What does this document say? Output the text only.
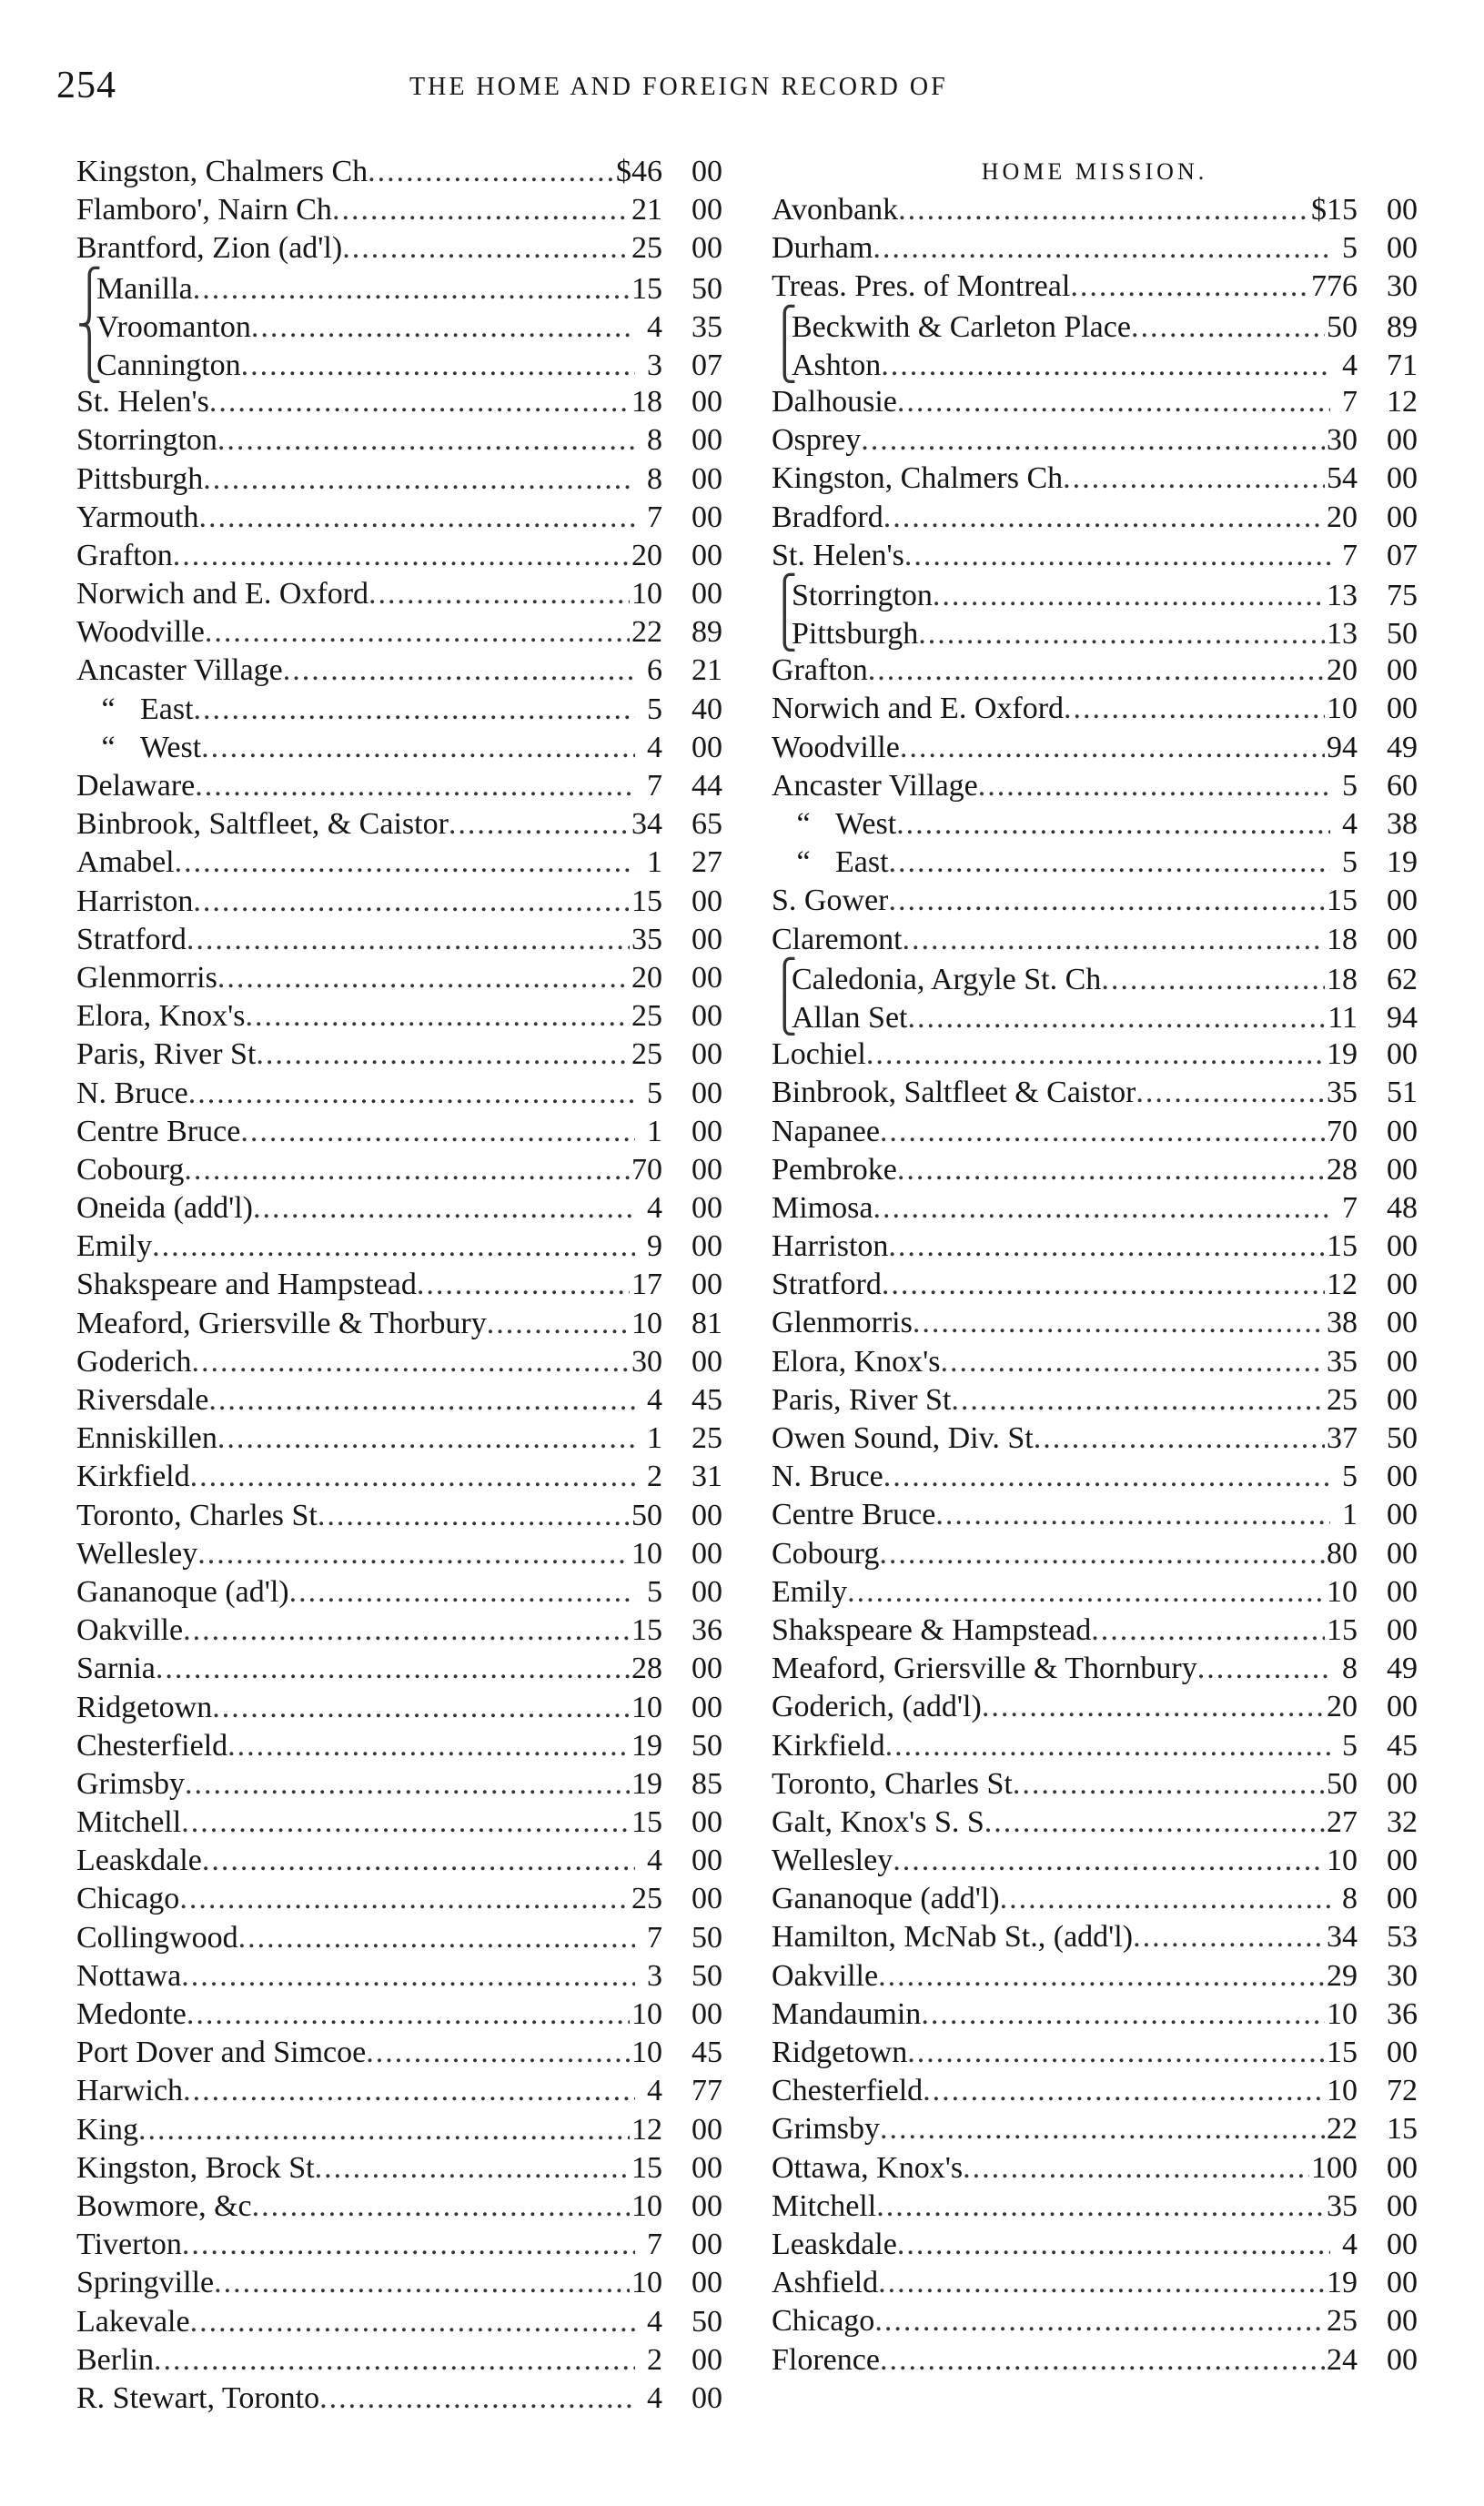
254	THE HOME AND FOREIGN RECORD OF
Kingston, Chalmers Ch .....	$46 00
Flamboro', Nairn Ch .....	21 00
Brantford, Zion (ad'l) .....	25 00
⎧
Manilla .....	15 50
⎨
Vroomanton .....	4 35
⎩
Cannington .....	3 07
St. Helen's .....	18 00
Storrington .....	8 00
Pittsburgh .....	8 00
Yarmouth .....	7 00
Grafton .....	20 00
Norwich and E. Oxford .....	10 00
Woodville .....	22 89
Ancaster Village .....	6 21
“ East .....	5 40
“ West .....	4 00
Delaware .....	7 44
Binbrook, Saltfleet, & Caistor .....	34 65
Amabel .....	1 27
Harriston .....	15 00
Stratford .....	35 00
Glenmorris .....	20 00
Elora, Knox's .....	25 00
Paris, River St .....	25 00
N. Bruce .....	5 00
Centre Bruce .....	1 00
Cobourg .....	70 00
Oneida (add'l) .....	4 00
Emily .....	9 00
Shakspeare and Hampstead .....	17 00
Meaford, Griersville & Thorbury .....	10 81
Goderich .....	30 00
Riversdale .....	4 45
Enniskillen .....	1 25
Kirkfield .....	2 31
Toronto, Charles St .....	50 00
Wellesley .....	10 00
Gananoque (ad'l) .....	5 00
Oakville .....	15 36
Sarnia .....	28 00
Ridgetown .....	10 00
Chesterfield .....	19 50
Grimsby .....	19 85
Mitchell .....	15 00
Leaskdale .....	4 00
Chicago .....	25 00
Collingwood .....	7 50
Nottawa .....	3 50
Medonte .....	10 00
Port Dover and Simcoe .....	10 45
Harwich .....	4 77
King .....	12 00
Kingston, Brock St .....	15 00
Bowmore, &c .....	10 00
Tiverton .....	7 00
Springville .....	10 00
Lakevale .....	4 50
Berlin .....	2 00
R. Stewart, Toronto .....	4 00
HOME MISSION.
Avonbank .....	$15 00
Durham .....	5 00
Treas. Pres. of Montreal .....	776 30
⎧
Beckwith & Carleton Place .....	50 89
⎩
Ashton .....	4 71
Dalhousie .....	7 12
Osprey .....	30 00
Kingston, Chalmers Ch .....	54 00
Bradford .....	20 00
St. Helen's .....	7 07
⎧
Storrington .....	13 75
⎩
Pittsburgh .....	13 50
Grafton .....	20 00
Norwich and E. Oxford .....	10 00
Woodville .....	94 49
Ancaster Village .....	5 60
“ West .....	4 38
“ East .....	5 19
S. Gower .....	15 00
Claremont .....	18 00
⎧
Caledonia, Argyle St. Ch .....	18 62
⎩
Allan Set .....	11 94
Lochiel .....	19 00
Binbrook, Saltfleet & Caistor .....	35 51
Napanee .....	70 00
Pembroke .....	28 00
Mimosa .....	7 48
Harriston .....	15 00
Stratford .....	12 00
Glenmorris .....	38 00
Elora, Knox's .....	35 00
Paris, River St .....	25 00
Owen Sound, Div. St .....	37 50
N. Bruce .....	5 00
Centre Bruce .....	1 00
Cobourg .....	80 00
Emily .....	10 00
Shakspeare & Hampstead .....	15 00
Meaford, Griersville & Thornbury .....	8 49
Goderich, (add'l) .....	20 00
Kirkfield .....	5 45
Toronto, Charles St .....	50 00
Galt, Knox's S. S .....	27 32
Wellesley .....	10 00
Gananoque (add'l) .....	8 00
Hamilton, McNab St., (add'l) .....	34 53
Oakville .....	29 30
Mandaumin .....	10 36
Ridgetown .....	15 00
Chesterfield .....	10 72
Grimsby .....	22 15
Ottawa, Knox's .....	100 00
Mitchell .....	35 00
Leaskdale .....	4 00
Ashfield .....	19 00
Chicago .....	25 00
Florence .....	24 00
